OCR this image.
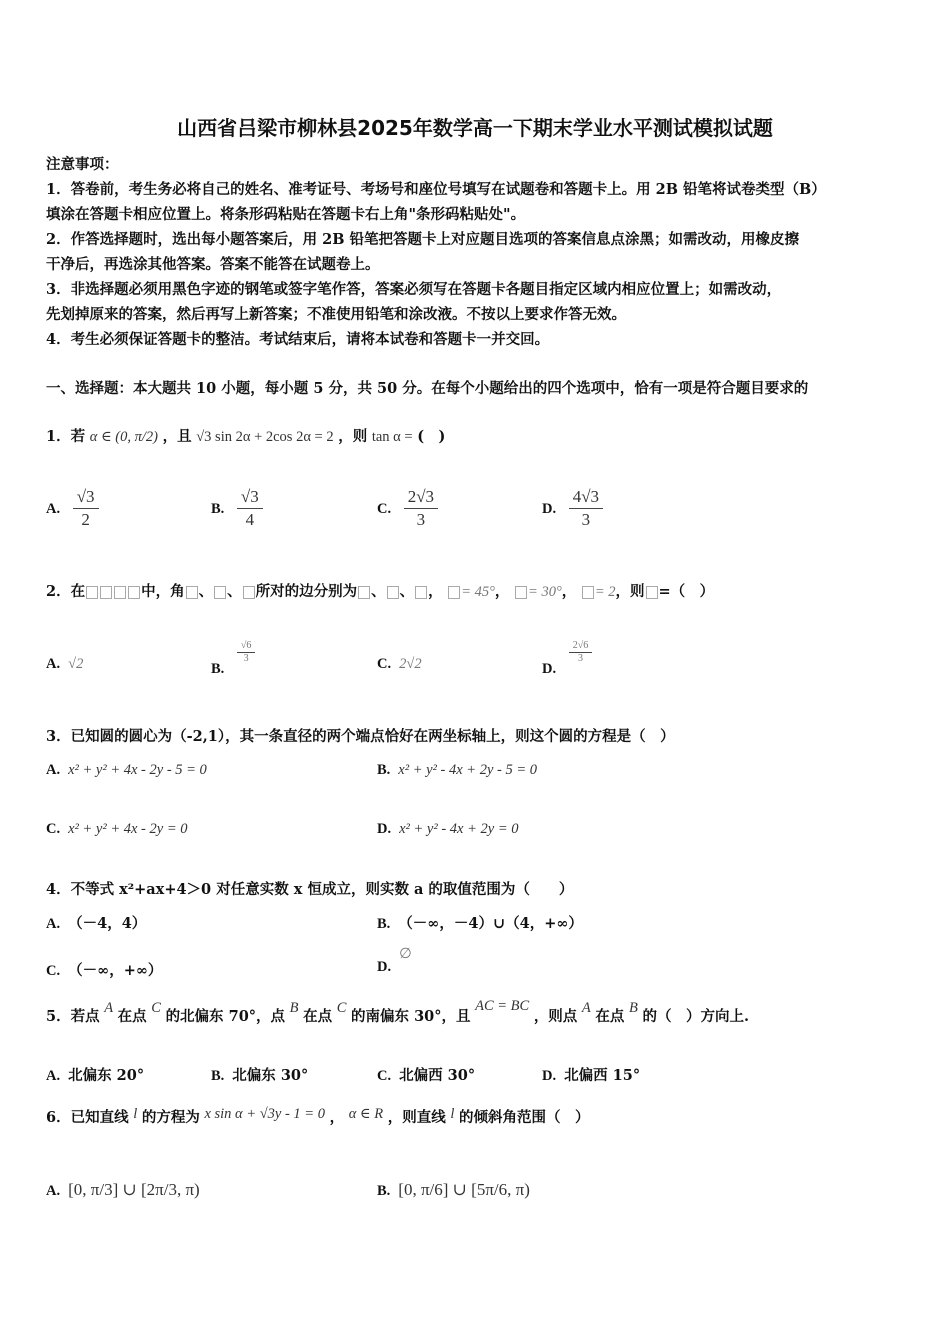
山西省吕梁市柳林县2025年数学高一下期末学业水平测试模拟试题
注意事项：
1．答卷前，考生务必将自己的姓名、准考证号、考场号和座位号填写在试题卷和答题卡上。用 2B 铅笔将试卷类型（B）
填涂在答题卡相应位置上。将条形码粘贴在答题卡右上角"条形码粘贴处"。
2．作答选择题时，选出每小题答案后，用 2B 铅笔把答题卡上对应题目选项的答案信息点涂黑；如需改动，用橡皮擦
干净后，再选涂其他答案。答案不能答在试题卷上。
3．非选择题必须用黑色字迹的钢笔或签字笔作答，答案必须写在答题卡各题目指定区域内相应位置上；如需改动，
先划掉原来的答案，然后再写上新答案；不准使用铅笔和涂改液。不按以上要求作答无效。
4．考生必须保证答题卡的整洁。考试结束后，请将本试卷和答题卡一并交回。
一、选择题：本大题共 10 小题，每小题 5 分，共 50 分。在每个小题给出的四个选项中，恰有一项是符合题目要求的
1．若 α ∈ (0, π/2) ，且 √3 sin 2α + 2cos 2α = 2 ，则 tan α = (　)
A. $\frac{√3}{2}$	B. $\frac{√3}{4}$	C. $\frac{2√3}{3}$	D. $\frac{4√3}{3}$
2．在	中，角 、 、 所对的边分别为 、 、 ， = 45°， = 30°， = 2，则 =（　）
A. √2	B.
$\frac{√6}{3}$	C. 2√2	D.
$\frac{2√6}{3}$
3．已知圆的圆心为（-2,1），其一条直径的两个端点恰好在两坐标轴上，则这个圆的方程是（　）
A. x² + y² + 4x - 2y - 5 = 0	B. x² + y² - 4x + 2y - 5 = 0
C. x² + y² + 4x - 2y = 0	D. x² + y² - 4x + 2y = 0
4．不等式 x²+ax+4＞0 对任意实数 x 恒成立，则实数 a 的取值范围为（　　）
A. （－4，4）	B. （－∞，－4）∪（4，+∞）
C. （－∞，+∞）	D.∅
5．若点 A 在点 C 的北偏东 70°，点 B 在点 C 的南偏东 30°，且 AC = BC ，则点 A 在点 B 的（　）方向上.
A. 北偏东 20°	B. 北偏东 30°	C. 北偏西 30°	D. 北偏西 15°
6．已知直线 l 的方程为 x sin α + √3y - 1 = 0 ， α ∈ R ，则直线 l 的倾斜角范围（　）
A. [0, π/3] ∪ [2π/3, π)	B. [0, π/6] ∪ [5π/6, π)
